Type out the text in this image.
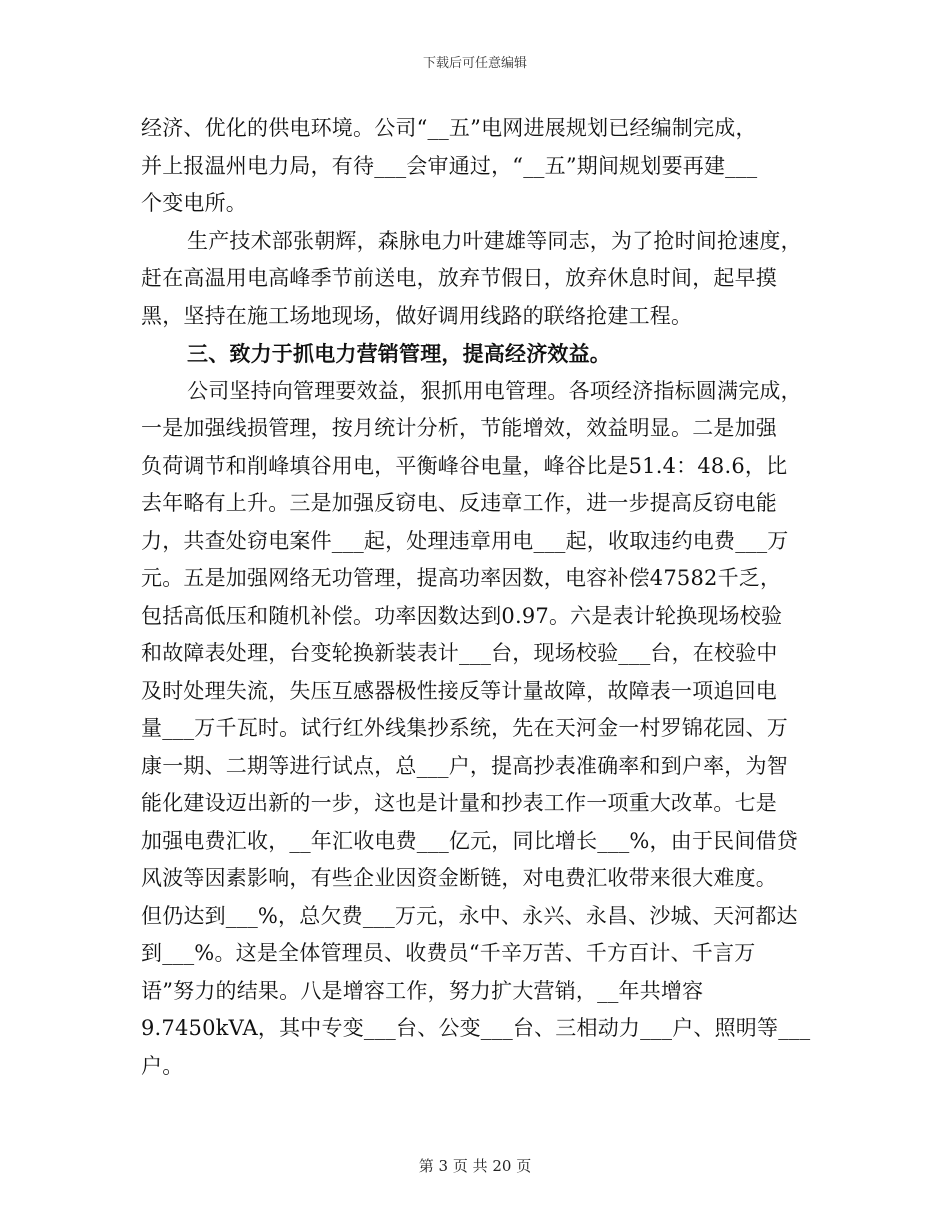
下载后可任意编辑
经济、优化的供电环境。公司“__五”电网进展规划已经编制完成，
并上报温州电力局，有待___会审通过，“__五”期间规划要再建___
个变电所。
生产技术部张朝辉，森脉电力叶建雄等同志，为了抢时间抢速度，
赶在高温用电高峰季节前送电，放弃节假日，放弃休息时间，起早摸
黑，坚持在施工场地现场，做好调用线路的联络抢建工程。
三、致力于抓电力营销管理，提高经济效益。
公司坚持向管理要效益，狠抓用电管理。各项经济指标圆满完成，
一是加强线损管理，按月统计分析，节能增效，效益明显。二是加强
负荷调节和削峰填谷用电，平衡峰谷电量，峰谷比是51.4：48.6，比
去年略有上升。三是加强反窃电、反违章工作，进一步提高反窃电能
力，共查处窃电案件___起，处理违章用电___起，收取违约电费___万
元。五是加强网络无功管理，提高功率因数，电容补偿47582千乏，
包括高低压和随机补偿。功率因数达到0.97。六是表计轮换现场校验
和故障表处理，台变轮换新装表计___台，现场校验___台，在校验中
及时处理失流，失压互感器极性接反等计量故障，故障表一项追回电
量___万千瓦时。试行红外线集抄系统，先在天河金一村罗锦花园、万
康一期、二期等进行试点，总___户，提高抄表准确率和到户率，为智
能化建设迈出新的一步，这也是计量和抄表工作一项重大改革。七是
加强电费汇收，__年汇收电费___亿元，同比增长___%，由于民间借贷
风波等因素影响，有些企业因资金断链，对电费汇收带来很大难度。
但仍达到___%，总欠费___万元，永中、永兴、永昌、沙城、天河都达
到___%。这是全体管理员、收费员“千辛万苦、千方百计、千言万
语”努力的结果。八是增容工作，努力扩大营销，__年共增容
9.7450kVA，其中专变___台、公变___台、三相动力___户、照明等___
户。
第 3 页 共 20 页
